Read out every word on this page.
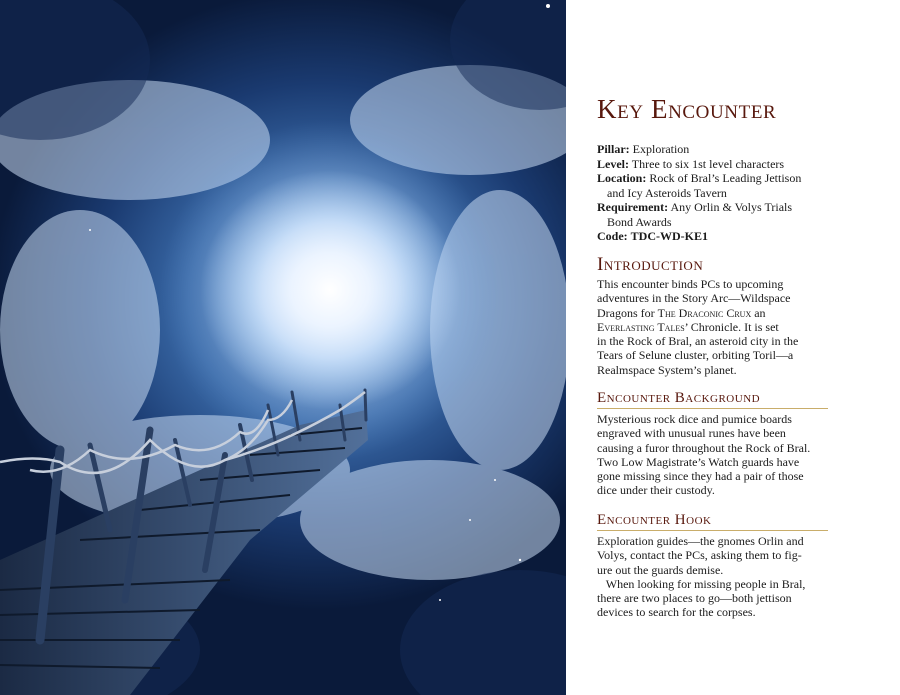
Key Encounter
Pillar: Exploration
Level: Three to six 1st level characters
Location: Rock of Bral’s Leading Jettison
and Icy Asteroids Tavern
Requirement: Any Orlin & Volys Trials
Bond Awards
Code: TDC-WD-KE1
Introduction
This encounter binds PCs to upcoming
adventures in the Story Arc—Wildspace
Dragons for The Draconic Crux an
Everlasting Tales’ Chronicle. It is set
in the Rock of Bral, an asteroid city in the
Tears of Selune cluster, orbiting Toril—a
Realmspace System’s planet.
Encounter Background
Mysterious rock dice and pumice boards
engraved with unusual runes have been
causing a furor throughout the Rock of Bral.
Two Low Magistrate’s Watch guards have
gone missing since they had a pair of those
dice under their custody.
Encounter Hook
Exploration guides—the gnomes Orlin and
Volys, contact the PCs, asking them to fig-
ure out the guards demise.
When looking for missing people in Bral,
there are two places to go—both jettison
devices to search for the corpses.
